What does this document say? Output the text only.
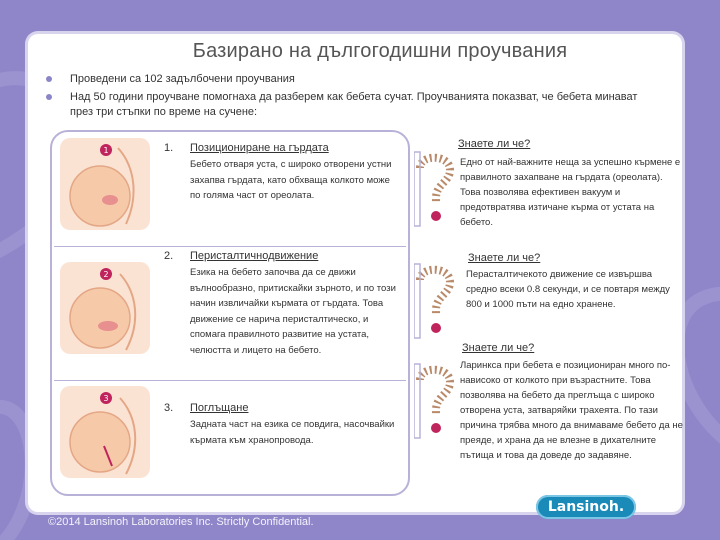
Базирано на дългогодишни проучвания
Проведени са 102 задълбочени проучвания
Над 50 години проучване помогнаха да разберем как бебета сучат. Проучванията показват, че бебета минават през три стъпки по време на сучене:
1
2
3
1. Позициониране на гърдата
Бебето отваря уста, с широко отворени устни захапва гърдата, като обхваща колкото може по голяма част от ореолата.
2. Перисталтичнодвижение
Езика на бебето започва да се движи вълнообразно, притискайки зърното, и по този начин извличайки кърмата от гърдата. Това движение се нарича перисталтическо, и спомага правилното развитие на устата, челюстта и лицето на бебето.
3. Поглъщане
Задната част на езика се повдига, насочвайки кърмата към хранопровода.
Знаете ли че?
Едно от най-важните неща за успешно кърмене е правилното захапване на гърдата (ореолата). Това позволява ефективен вакуум и предотвратява изтичане кърма от устата на бебето.
Знаете ли че?
Перасталтичекото движение се извършва средно всеки 0.8 секунди, и се повтаря между 800 и 1000 пъти на едно хранене.
Знаете ли че?
Ларинкса при бебета е позициониран много по-нависоко от колкото при възрастните. Това позволява на бебето да преглъща с широко отворена уста, затваряйки трахеята. По тази причина трябва много да внимаваме бебето да не преяде, и храна да не влезне в дихателните пътища и това да доведе до задавяне.
Lansinoh.
©2014 Lansinoh Laboratories Inc. Strictly Confidential.
